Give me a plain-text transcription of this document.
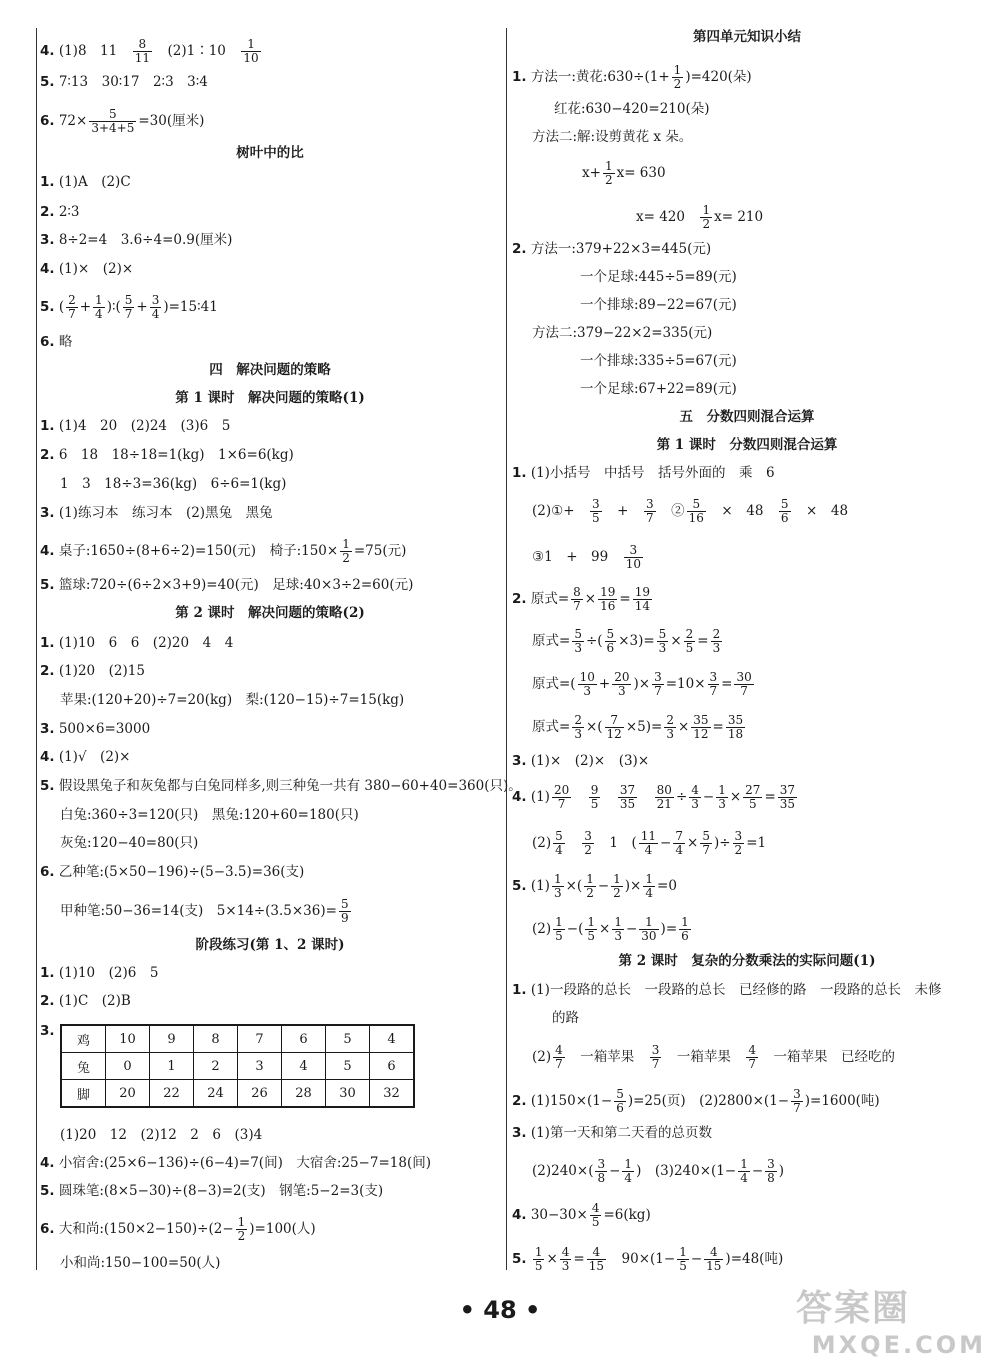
4. (1)8　11　 $\frac{8}{11}$ 　(2)1∶10　 $\frac{1}{10}$
5. 7∶13　30∶17　2∶3　3∶4
6. $72\times \frac{5}{3+4+5} =30$(厘米)
树叶中的比
1. (1)A　(2)C
2. 2∶3
3. 8÷2=4　3.6÷4=0.9(厘米)
4. (1)×　(2)×
5. ( $\frac{2}{7} + \frac{1}{4}$ )∶( $\frac{5}{7} + \frac{3}{4}$ )=15∶41
6. 略
四　解决问题的策略
第 1 课时　解决问题的策略(1)
1. (1)4　20　(2)24　(3)6　5
2. 6　18　18÷18=1(kg)　1×6=6(kg)
1　3　18÷3=36(kg)　6÷6=1(kg)
3. (1)练习本　练习本　(2)黑兔　黑兔
4. 桌子:1650÷(8+6÷2)=150(元)　椅子:150× $\frac{1}{2} =75$(元)
5. 篮球:720÷(6÷2×3+9)=40(元)　足球:40×3÷2=60(元)
第 2 课时　解决问题的策略(2)
1. (1)10　6　6　(2)20　4　4
2. (1)20　(2)15
苹果:(120+20)÷7=20(kg)　梨:(120−15)÷7=15(kg)
3. 500×6=3000
4. (1)√　(2)×
5. 假设黑兔子和灰兔都与白兔同样多,则三种兔一共有 380−60+40=360(只)。
白兔:360÷3=120(只)　黑兔:120+60=180(只)
灰兔:120−40=80(只)
6. 乙种笔:(5×50−196)÷(5−3.5)=36(支)
甲种笔:50−36=14(支)　$5\times 14\div(3.5\times 36)= \frac{5}{9}$
阶段练习(第 1、2 课时)
1. (1)10　(2)6　5
2. (1)C　(2)B
3.
(1)20　12　(2)12　2　6　(3)4
4. 小宿舍:(25×6−136)÷(6−4)=7(间)　大宿舍:25−7=18(间)
5. 圆珠笔:(8×5−30)÷(8−3)=2(支)　钢笔:5−2=3(支)
6. 大和尚:(150×2−150)÷(2− $\frac{1}{2} )=100$(人)
小和尚:150−100=50(人)
第四单元知识小结
1. 方法一:黄花:630÷(1+ $\frac{1}{2} )=420$(朵)
红花:630−420=210(朵)
方法二:解:设剪黄花 x 朵。
$x+ \frac{1}{2} x= 630$
x= 420　 $\frac{1}{2} x= 210$
2. 方法一:379+22×3=445(元)
一个足球:445÷5=89(元)
一个排球:89−22=67(元)
方法二:379−22×2=335(元)
一个排球:335÷5=67(元)
一个足球:67+22=89(元)
五　分数四则混合运算
第 1 课时　分数四则混合运算
1. (1)小括号　中括号　括号外面的　乘　6
(2)①+　 $\frac{3}{5}$ 　+　 $\frac{3}{7}$ 　② $\frac{5}{16}$ 　×　48　 $\frac{5}{6}$ 　×　48
③1　+　99　 $\frac{3}{10}$
2. 原式= $\frac{8}{7} \times \frac{19}{16} = \frac{19}{14}$
原式= $\frac{5}{3}$ ÷( $\frac{5}{6} \times 3)= \frac{5}{3} \times \frac{2}{5} = \frac{2}{3}$
原式=( $\frac{10}{3} + \frac{20}{3}$ )× $\frac{3}{7} =10\times \frac{3}{7} = \frac{30}{7}$
原式= $\frac{2}{3}$ ×( $\frac{7}{12} \times 5)= \frac{2}{3} \times \frac{35}{12} = \frac{35}{18}$
3. (1)×　(2)×　(3)×
4. $(1) \frac{20}{7}$
　 $\frac{9}{5}$
　 $\frac{37}{35}$
　 $\frac{80}{21} \div \frac{4}{3} - \frac{1}{3} \times \frac{27}{5} = \frac{37}{35}$
$(2) \frac{5}{4}$
　 $\frac{3}{2}$ 　1　( $\frac{11}{4} - \frac{7}{4} \times \frac{5}{7}$ )÷ $\frac{3}{2} =1$
5. $(1) \frac{1}{3}$ ×( $\frac{1}{2} - \frac{1}{2}$ )× $\frac{1}{4} =0$
$(2) \frac{1}{5}$ −( $\frac{1}{5} \times \frac{1}{3} - \frac{1}{30}$ )= $\frac{1}{6}$
第 2 课时　复杂的分数乘法的实际问题(1)
1. (1)一段路的总长　一段路的总长　已经修的路　一段路的总长　未修
的路
$(2) \frac{4}{7}$ 　一箱苹果　 $\frac{3}{7}$ 　一箱苹果　 $\frac{4}{7}$ 　一箱苹果　已经吃的
2. $(1)150\times(1- \frac{5}{6} )=25$(页)　$(2)2800\times(1- \frac{3}{7} )=1600$(吨)
3. (1)第一天和第二天看的总页数
$(2)240\times( \frac{3}{8} - \frac{1}{4}$ )　$(3)240\times(1- \frac{1}{4} - \frac{3}{8}$ )
4. $30-30\times \frac{4}{5} =6(kg)$
5. $\frac{1}{5} \times \frac{4}{3} = \frac{4}{15}$ 　$90\times(1- \frac{1}{5} - \frac{4}{15} )=48$(吨)
鸡	10	9	8	7	6	5	4
兔	0	1	2	3	4	5	6
脚	20	22	24	26	28	30	32
• 48 •	答案圈
MXQE.COM
